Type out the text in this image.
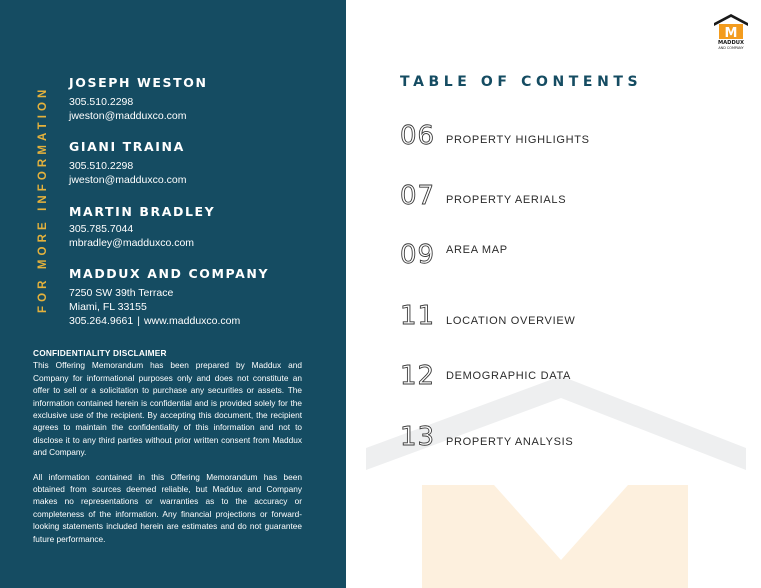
FOR MORE INFORMATION
JOSEPH WESTON
305.510.2298
jweston@madduxco.com
GIANI TRAINA
305.510.2298
jweston@madduxco.com
MARTIN BRADLEY
305.785.7044
mbradley@madduxco.com
MADDUX AND COMPANY
7250 SW 39th Terrace
Miami, FL 33155
305.264.9661 | www.madduxco.com
CONFIDENTIALITY DISCLAIMER

This Offering Memorandum has been prepared by Maddux and Company for informational purposes only and does not constitute an offer to sell or a solicitation to purchase any securities or assets. The information contained herein is confidential and is provided solely for the exclusive use of the recipient. By accepting this document, the recipient agrees to maintain the confidentiality of this information and not to disclose it to any third parties without prior written consent from Maddux and Company.

All information contained in this Offering Memorandum has been obtained from sources deemed reliable, but Maddux and Company makes no representations or warranties as to the accuracy or completeness of the information. Any financial projections or forward-looking statements included herein are estimates and do not guarantee future performance.

M
MADDUX
AND COMPANY
TABLE OF CONTENTS
06 PROPERTY HIGHLIGHTS
07 PROPERTY AERIALS
09 AREA MAP
11 LOCATION OVERVIEW
12 DEMOGRAPHIC DATA
13 PROPERTY ANALYSIS
